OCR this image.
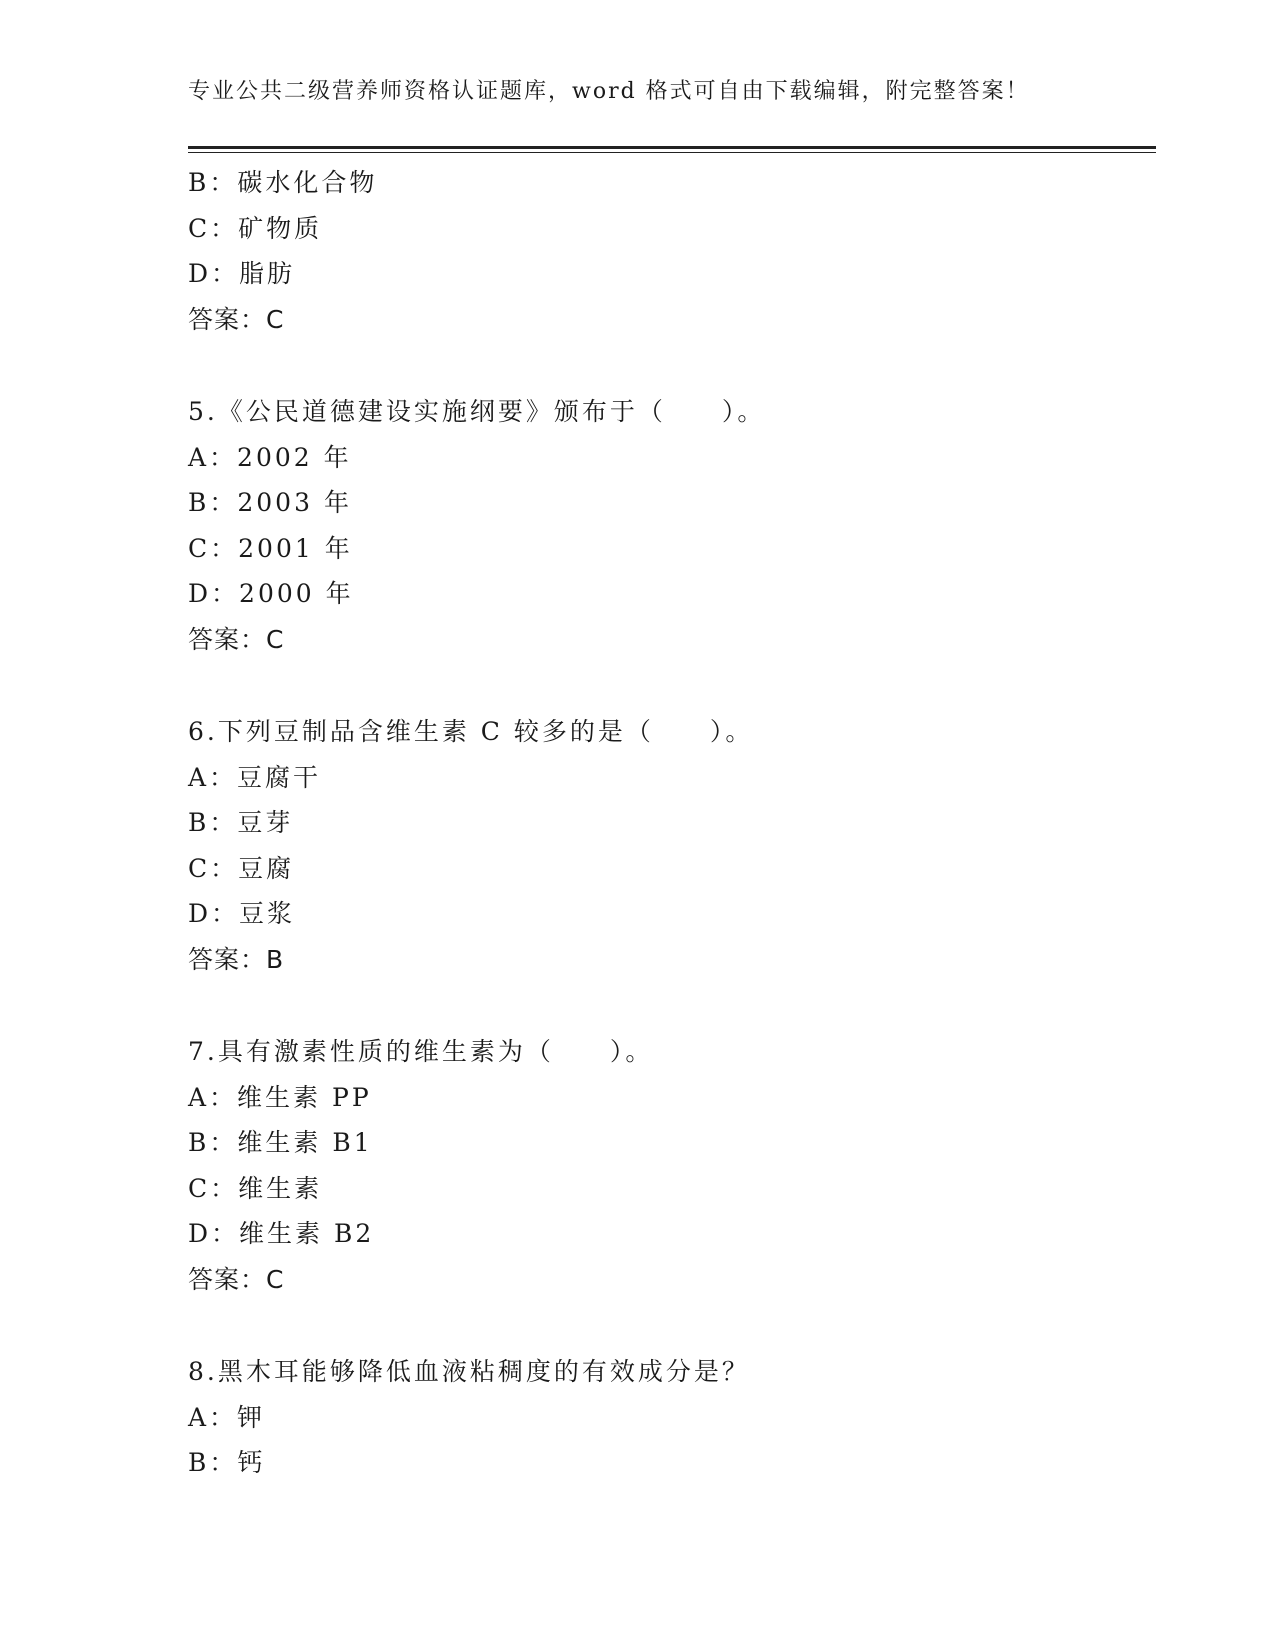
专业公共二级营养师资格认证题库，word 格式可自由下载编辑，附完整答案！
B：碳水化合物
C：矿物质
D：脂肪
答案：C
5.《公民道德建设实施纲要》颁布于（　　）。
A：2002 年
B：2003 年
C：2001 年
D：2000 年
答案：C
6.下列豆制品含维生素 C 较多的是（　　）。
A：豆腐干
B：豆芽
C：豆腐
D：豆浆
答案：B
7.具有激素性质的维生素为（　　）。
A：维生素 PP
B：维生素 B1
C：维生素
D：维生素 B2
答案：C
8.黑木耳能够降低血液粘稠度的有效成分是？
A：钾
B：钙
